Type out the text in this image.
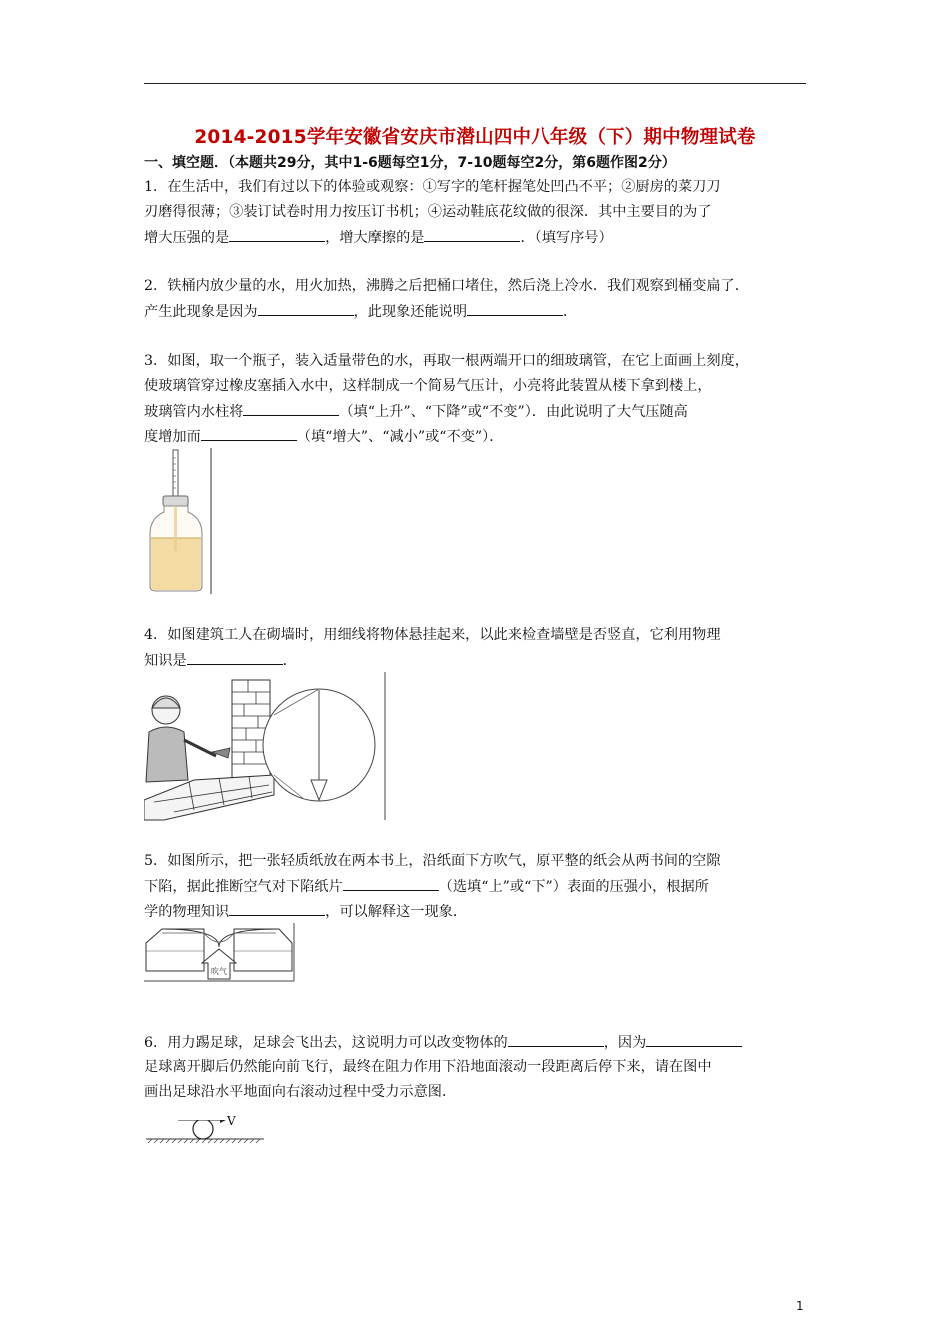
2014-2015学年安徽省安庆市潜山四中八年级（下）期中物理试卷
一、填空题．（本题共29分，其中1-6题每空1分，7-10题每空2分，第6题作图2分）
1．在生活中，我们有过以下的体验或观察：①写字的笔杆握笔处凹凸不平；②厨房的菜刀刀
刃磨得很薄；③装订试卷时用力按压订书机；④运动鞋底花纹做的很深．其中主要目的为了
增大压强的是	，增大摩擦的是	．（填写序号）
2．铁桶内放少量的水，用火加热，沸腾之后把桶口堵住，然后浇上冷水．我们观察到桶变扁了．
产生此现象是因为	，此现象还能说明	．
3．如图，取一个瓶子，装入适量带色的水，再取一根两端开口的细玻璃管，在它上面画上刻度，
使玻璃管穿过橡皮塞插入水中，这样制成一个简易气压计，小亮将此装置从楼下拿到楼上，
玻璃管内水柱将	（填“上升”、“下降”或“不变”）．由此说明了大气压随高
度增加而	（填“增大”、“减小”或“不变”）．
4．如图建筑工人在砌墙时，用细线将物体悬挂起来，以此来检查墙壁是否竖直，它利用物理
知识是	．
5．如图所示，把一张轻质纸放在两本书上，沿纸面下方吹气，原平整的纸会从两书间的空隙
下陷，据此推断空气对下陷纸片	（选填“上”或“下”）表面的压强小，根据所
学的物理知识	，可以解释这一现象．
吹气
6．用力踢足球，足球会飞出去，这说明力可以改变物体的	，因为
足球离开脚后仍然能向前飞行，最终在阻力作用下沿地面滚动一段距离后停下来，请在图中
画出足球沿水平地面向右滚动过程中受力示意图．
V
1
